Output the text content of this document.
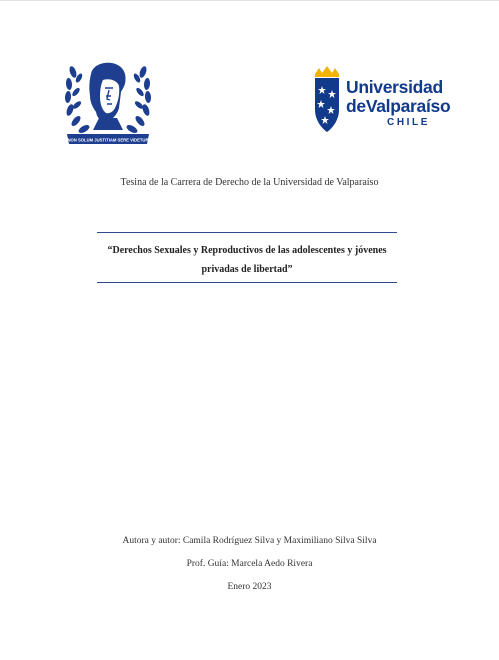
NON SOLUM JUSTITIAM SERE VIDETUR
Universidad
deValparaíso
CHILE
Tesina de la Carrera de Derecho de la Universidad de Valparaíso
“Derechos Sexuales y Reproductivos de las adolescentes y jóvenes privadas de libertad”
Autora y autor: Camila Rodríguez Silva y Maximiliano Silva Silva
Prof. Guía: Marcela Aedo Rivera
Enero 2023
